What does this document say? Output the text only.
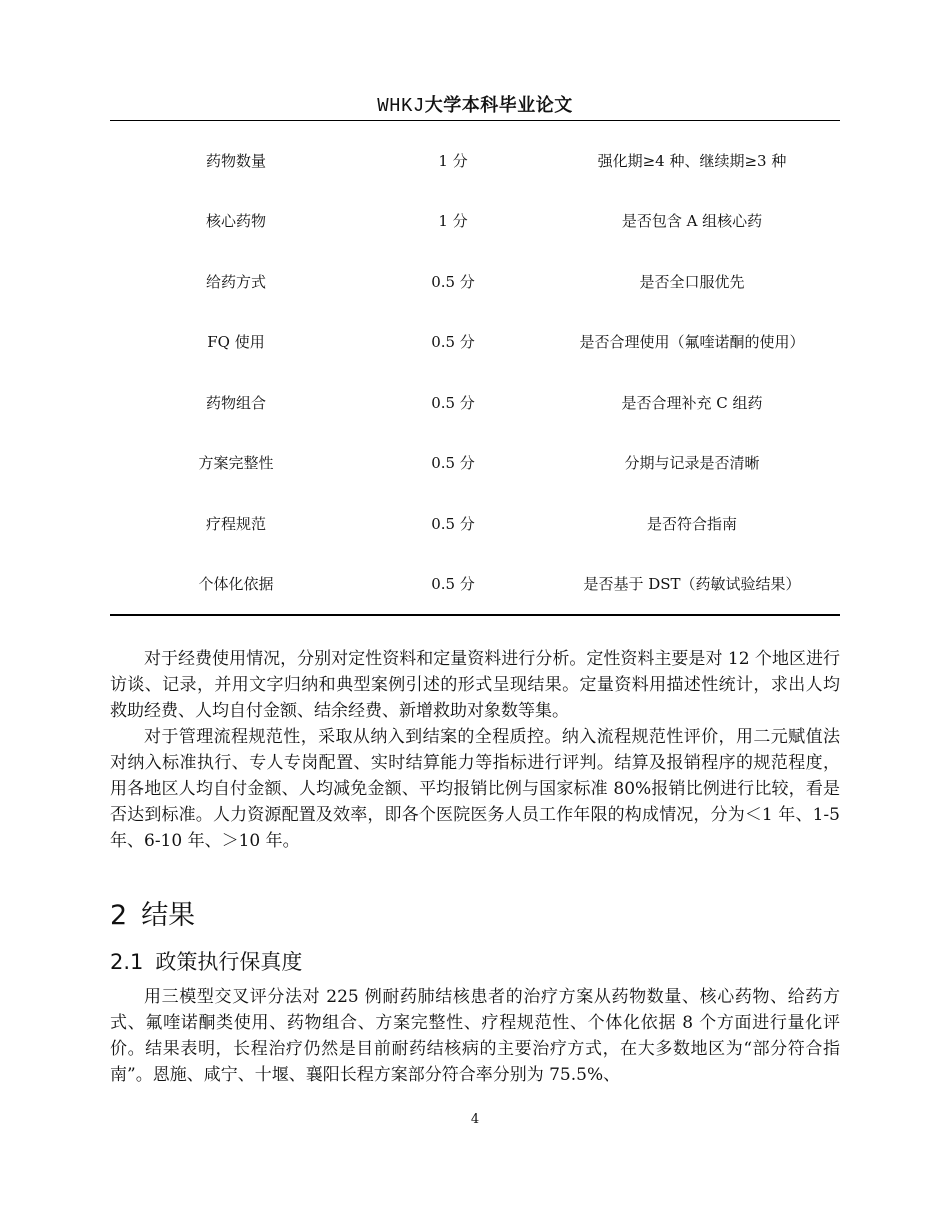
WHKJ大学本科毕业论文
药物数量	1 分	强化期≥4 种、继续期≥3 种
核心药物	1 分	是否包含 A 组核心药
给药方式	0.5 分	是否全口服优先
FQ 使用	0.5 分	是否合理使用（氟喹诺酮的使用）
药物组合	0.5 分	是否合理补充 C 组药
方案完整性	0.5 分	分期与记录是否清晰
疗程规范	0.5 分	是否符合指南
个体化依据	0.5 分	是否基于 DST（药敏试验结果）

对于经费使用情况，分别对定性资料和定量资料进行分析。定性资料主要是对 12 个地区进行访谈、记录，并用文字归纳和典型案例引述的形式呈现结果。定量资料用描述性统计，求出人均救助经费、人均自付金额、结余经费、新增救助对象数等集。

对于管理流程规范性，采取从纳入到结案的全程质控。纳入流程规范性评价，用二元赋值法对纳入标准执行、专人专岗配置、实时结算能力等指标进行评判。结算及报销程序的规范程度，用各地区人均自付金额、人均减免金额、平均报销比例与国家标准 80%报销比例进行比较，看是否达到标准。人力资源配置及效率，即各个医院医务人员工作年限的构成情况，分为＜1 年、1-5 年、6-10 年、＞10 年。

2 结果
2.1 政策执行保真度

用三模型交叉评分法对 225 例耐药肺结核患者的治疗方案从药物数量、核心药物、给药方式、氟喹诺酮类使用、药物组合、方案完整性、疗程规范性、个体化依据 8 个方面进行量化评价。结果表明，长程治疗仍然是目前耐药结核病的主要治疗方式，在大多数地区为“部分符合指南”。恩施、咸宁、十堰、襄阳长程方案部分符合率分别为 75.5%、

4
